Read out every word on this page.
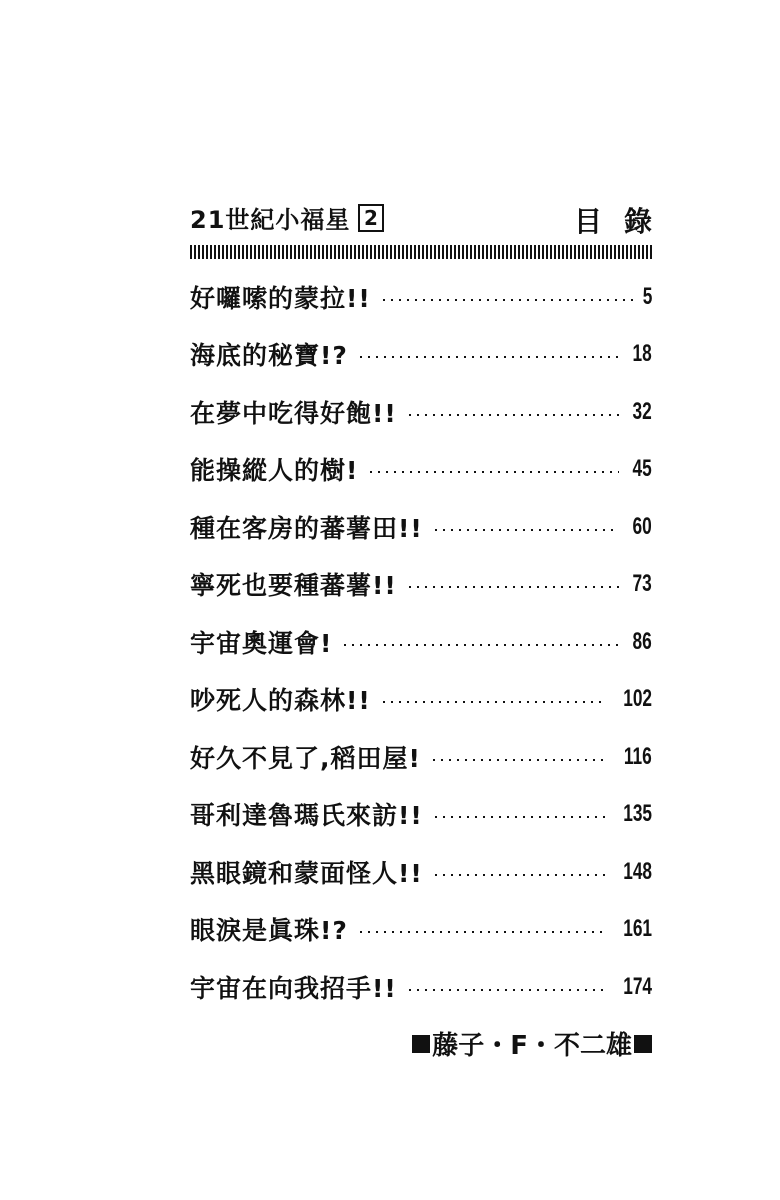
21世紀小福星 2	目錄
好囉嗦的蒙拉!!	5
海底的秘寶!?	18
在夢中吃得好飽!!	32
能操縱人的樹!	45
種在客房的蕃薯田!!	60
寧死也要種蕃薯!!	73
宇宙奧運會!	86
吵死人的森林!!	102
好久不見了,稻田屋!	116
哥利達魯瑪氏來訪!!	135
黑眼鏡和蒙面怪人!!	148
眼淚是眞珠!?	161
宇宙在向我招手!!	174
藤子・F・不二雄
